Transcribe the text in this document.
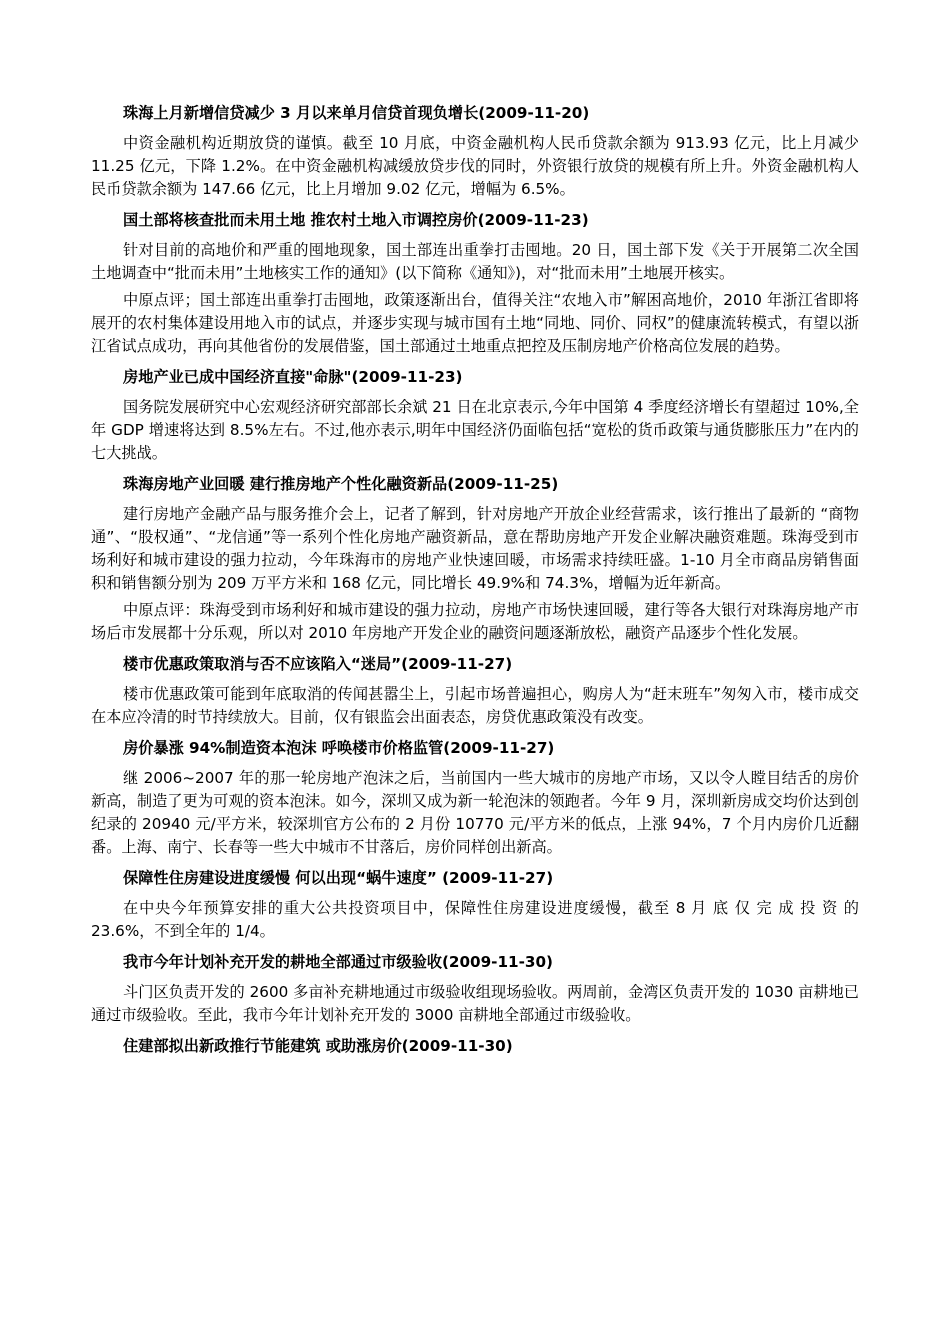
珠海上月新增信贷减少 3 月以来单月信贷首现负增长(2009-11-20)

中资金融机构近期放贷的谨慎。截至 10 月底，中资金融机构人民币贷款余额为 913.93 亿元，比上月减少 11.25 亿元，下降 1.2%。在中资金融机构减缓放贷步伐的同时，外资银行放贷的规模有所上升。外资金融机构人民币贷款余额为 147.66 亿元，比上月增加 9.02 亿元，增幅为 6.5%。

国土部将核查批而未用土地 推农村土地入市调控房价(2009-11-23)

针对目前的高地价和严重的囤地现象，国土部连出重拳打击囤地。20 日，国土部下发《关于开展第二次全国土地调查中“批而未用”土地核实工作的通知》(以下简称《通知》)，对“批而未用”土地展开核实。

中原点评；国土部连出重拳打击囤地，政策逐渐出台，值得关注“农地入市”解困高地价，2010 年浙江省即将展开的农村集体建设用地入市的试点，并逐步实现与城市国有土地“同地、同价、同权”的健康流转模式，有望以浙江省试点成功，再向其他省份的发展借鉴，国土部通过土地重点把控及压制房地产价格高位发展的趋势。

房地产业已成中国经济直接"命脉"(2009-11-23)

国务院发展研究中心宏观经济研究部部长余斌 21 日在北京表示,今年中国第 4 季度经济增长有望超过 10%,全年 GDP 增速将达到 8.5%左右。不过,他亦表示,明年中国经济仍面临包括“宽松的货币政策与通货膨胀压力”在内的七大挑战。

珠海房地产业回暖 建行推房地产个性化融资新品(2009-11-25)

建行房地产金融产品与服务推介会上，记者了解到，针对房地产开放企业经营需求，该行推出了最新的 “商物通”、“股权通”、“龙信通”等一系列个性化房地产融资新品，意在帮助房地产开发企业解决融资难题。珠海受到市场利好和城市建设的强力拉动，今年珠海市的房地产业快速回暖，市场需求持续旺盛。1-10 月全市商品房销售面积和销售额分别为 209 万平方米和 168 亿元，同比增长 49.9%和 74.3%，增幅为近年新高。

中原点评：珠海受到市场利好和城市建设的强力拉动，房地产市场快速回暖，建行等各大银行对珠海房地产市场后市发展都十分乐观，所以对 2010 年房地产开发企业的融资问题逐渐放松，融资产品逐步个性化发展。

楼市优惠政策取消与否不应该陷入“迷局”(2009-11-27)

楼市优惠政策可能到年底取消的传闻甚嚣尘上，引起市场普遍担心，购房人为“赶末班车”匆匆入市，楼市成交在本应冷清的时节持续放大。目前，仅有银监会出面表态，房贷优惠政策没有改变。

房价暴涨 94%制造资本泡沫 呼唤楼市价格监管(2009-11-27)

继 2006~2007 年的那一轮房地产泡沫之后，当前国内一些大城市的房地产市场，又以令人瞠目结舌的房价新高，制造了更为可观的资本泡沫。如今，深圳又成为新一轮泡沫的领跑者。今年 9 月，深圳新房成交均价达到创纪录的 20940 元/平方米，较深圳官方公布的 2 月份 10770 元/平方米的低点，上涨 94%，7 个月内房价几近翻番。上海、南宁、长春等一些大中城市不甘落后，房价同样创出新高。

保障性住房建设进度缓慢 何以出现“蜗牛速度” (2009-11-27)

在中央今年预算安排的重大公共投资项目中，保障性住房建设进度缓慢，截至 8 月 底 仅 完 成 投 资 的 23.6%，不到全年的 1/4。

我市今年计划补充开发的耕地全部通过市级验收(2009-11-30)

斗门区负责开发的 2600 多亩补充耕地通过市级验收组现场验收。两周前，金湾区负责开发的 1030 亩耕地已通过市级验收。至此，我市今年计划补充开发的 3000 亩耕地全部通过市级验收。

住建部拟出新政推行节能建筑 或助涨房价(2009-11-30)
